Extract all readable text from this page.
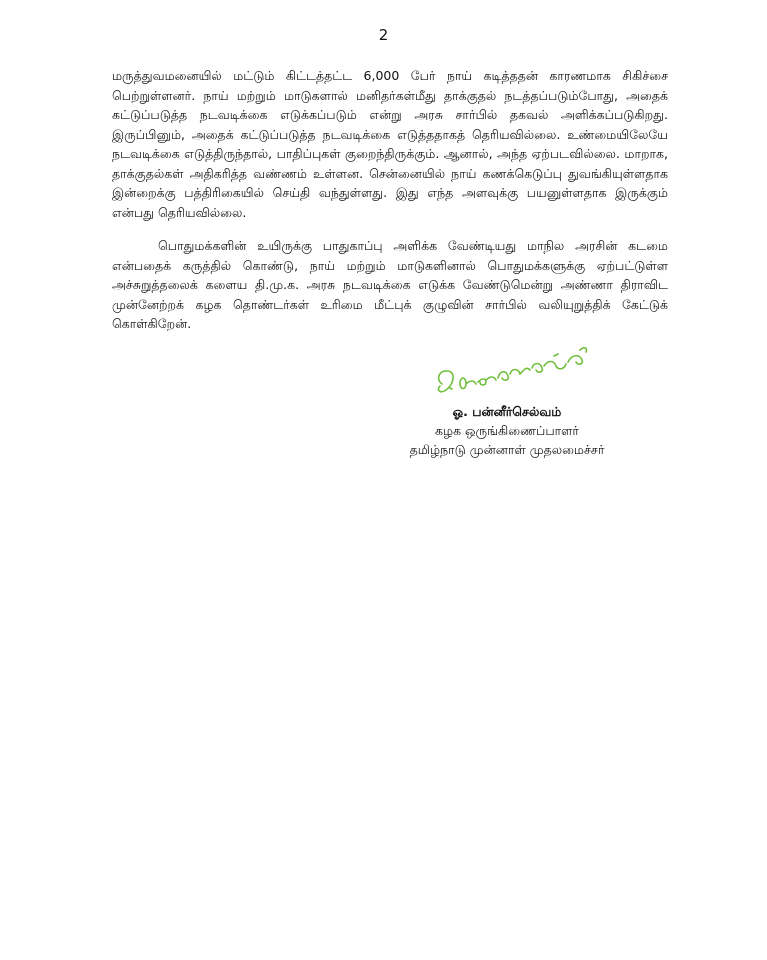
2

மருத்துவமனையில் மட்டும் கிட்டத்தட்ட 6,000 பேர் நாய் கடித்ததன் காரணமாக சிகிச்சை பெற்றுள்ளனர். நாய் மற்றும் மாடுகளால் மனிதர்கள்மீது தாக்குதல் நடத்தப்படும்போது, அதைக் கட்டுப்படுத்த நடவடிக்கை எடுக்கப்படும் என்று அரசு சார்பில் தகவல் அளிக்கப்படுகிறது. இருப்பினும், அதைக் கட்டுப்படுத்த நடவடிக்கை எடுத்ததாகத் தெரியவில்லை. உண்மையிலேயே நடவடிக்கை எடுத்திருந்தால், பாதிப்புகள் குறைந்திருக்கும். ஆனால், அந்த ஏற்படவில்லை. மாறாக, தாக்குதல்கள் அதிகரித்த வண்ணம் உள்ளன. சென்னையில் நாய் கணக்கெடுப்பு துவங்கியுள்ளதாக இன்றைக்கு பத்திரிகையில் செய்தி வந்துள்ளது. இது எந்த அளவுக்கு பயனுள்ளதாக இருக்கும் என்பது தெரியவில்லை.

பொதுமக்களின் உயிருக்கு பாதுகாப்பு அளிக்க வேண்டியது மாநில அரசின் கடமை என்பதைக் கருத்தில் கொண்டு, நாய் மற்றும் மாடுகளினால் பொதுமக்களுக்கு ஏற்பட்டுள்ள அச்சுறுத்தலைக் களைய தி.மு.க. அரசு நடவடிக்கை எடுக்க வேண்டுமென்று அண்ணா திராவிட முன்னேற்றக் கழக தொண்டர்கள் உரிமை மீட்புக் குழுவின் சார்பில் வலியுறுத்திக் கேட்டுக் கொள்கிறேன்.

ஓ. பன்னீர்செல்வம்
கழக ஒருங்கிணைப்பாளர்
தமிழ்நாடு முன்னாள் முதலமைச்சர்
